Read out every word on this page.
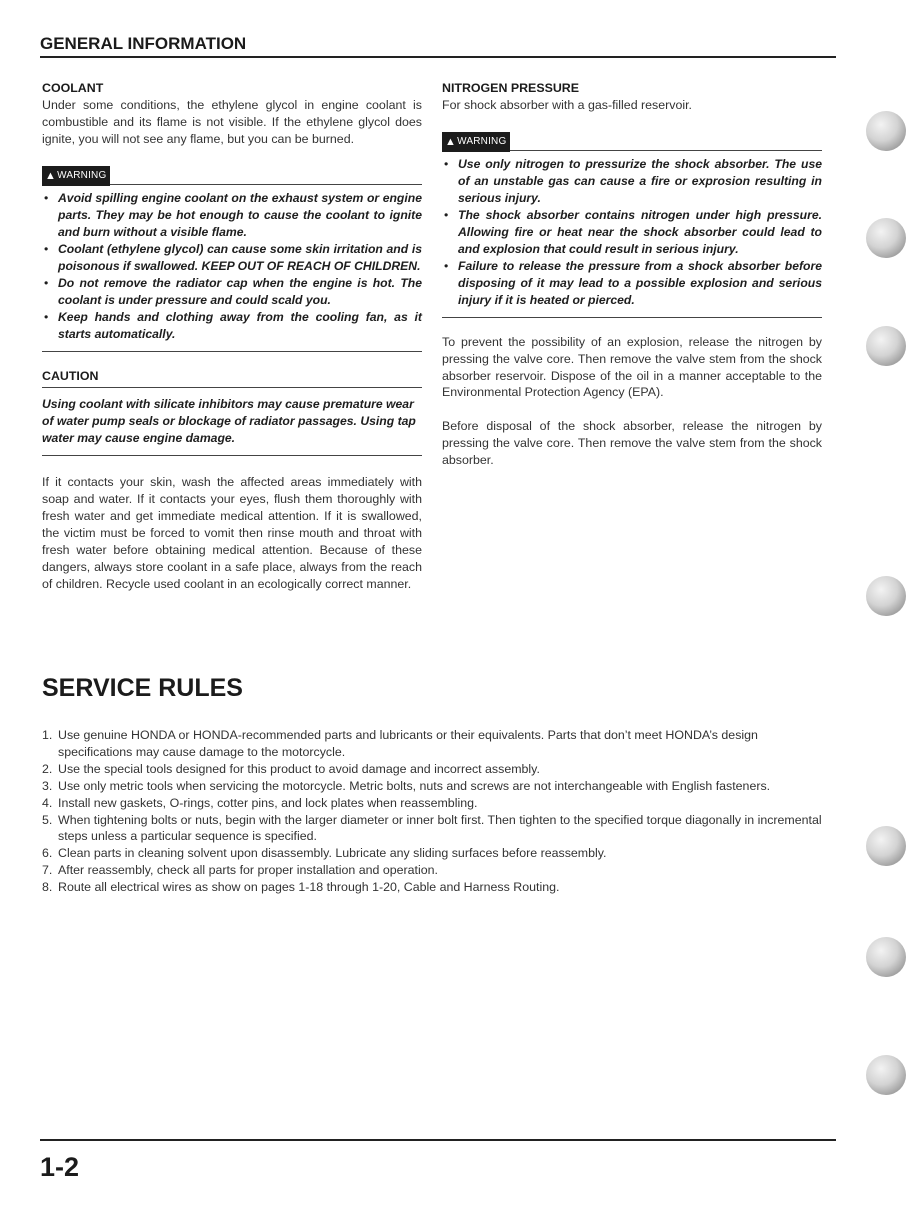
GENERAL INFORMATION
COOLANT

Under some conditions, the ethylene glycol in engine coolant is combustible and its flame is not visible. If the ethylene glycol does ignite, you will not see any flame, but you can be burned.

▲ WARNING
• Avoid spilling engine coolant on the exhaust system or engine parts. They may be hot enough to cause the coolant to ignite and burn without a visible flame.
• Coolant (ethylene glycol) can cause some skin irritation and is poisonous if swallowed. KEEP OUT OF REACH OF CHILDREN.
• Do not remove the radiator cap when the engine is hot. The coolant is under pressure and could scald you.
• Keep hands and clothing away from the cooling fan, as it starts automatically.
CAUTION

Using coolant with silicate inhibitors may cause premature wear of water pump seals or blockage of radiator passages. Using tap water may cause engine damage.

If it contacts your skin, wash the affected areas immediately with soap and water. If it contacts your eyes, flush them thoroughly with fresh water and get immediate medical attention. If it is swallowed, the victim must be forced to vomit then rinse mouth and throat with fresh water before obtaining medical attention. Because of these dangers, always store coolant in a safe place, always from the reach of children. Recycle used coolant in an ecologically correct manner.

NITROGEN PRESSURE

For shock absorber with a gas-filled reservoir.

▲ WARNING
• Use only nitrogen to pressurize the shock absorber. The use of an unstable gas can cause a fire or exprosion resulting in serious injury.
• The shock absorber contains nitrogen under high pressure. Allowing fire or heat near the shock absorber could lead to and explosion that could result in serious injury.
• Failure to release the pressure from a shock absorber before disposing of it may lead to a possible explosion and serious injury if it is heated or pierced.

To prevent the possibility of an explosion, release the nitrogen by pressing the valve core. Then remove the valve stem from the shock absorber reservoir. Dispose of the oil in a manner acceptable to the Environmental Protection Agency (EPA).

Before disposal of the shock absorber, release the nitrogen by pressing the valve core. Then remove the valve stem from the shock absorber.

SERVICE RULES
1. Use genuine HONDA or HONDA-recommended parts and lubricants or their equivalents. Parts that don’t meet HONDA’s design specifications may cause damage to the motorcycle.
2. Use the special tools designed for this product to avoid damage and incorrect assembly.
3. Use only metric tools when servicing the motorcycle. Metric bolts, nuts and screws are not interchangeable with English fasteners.
4. Install new gaskets, O-rings, cotter pins, and lock plates when reassembling.
5. When tightening bolts or nuts, begin with the larger diameter or inner bolt first. Then tighten to the specified torque diagonally in incremental steps unless a particular sequence is specified.
6. Clean parts in cleaning solvent upon disassembly. Lubricate any sliding surfaces before reassembly.
7. After reassembly, check all parts for proper installation and operation.
8. Route all electrical wires as show on pages 1-18 through 1-20, Cable and Harness Routing.
1-2
